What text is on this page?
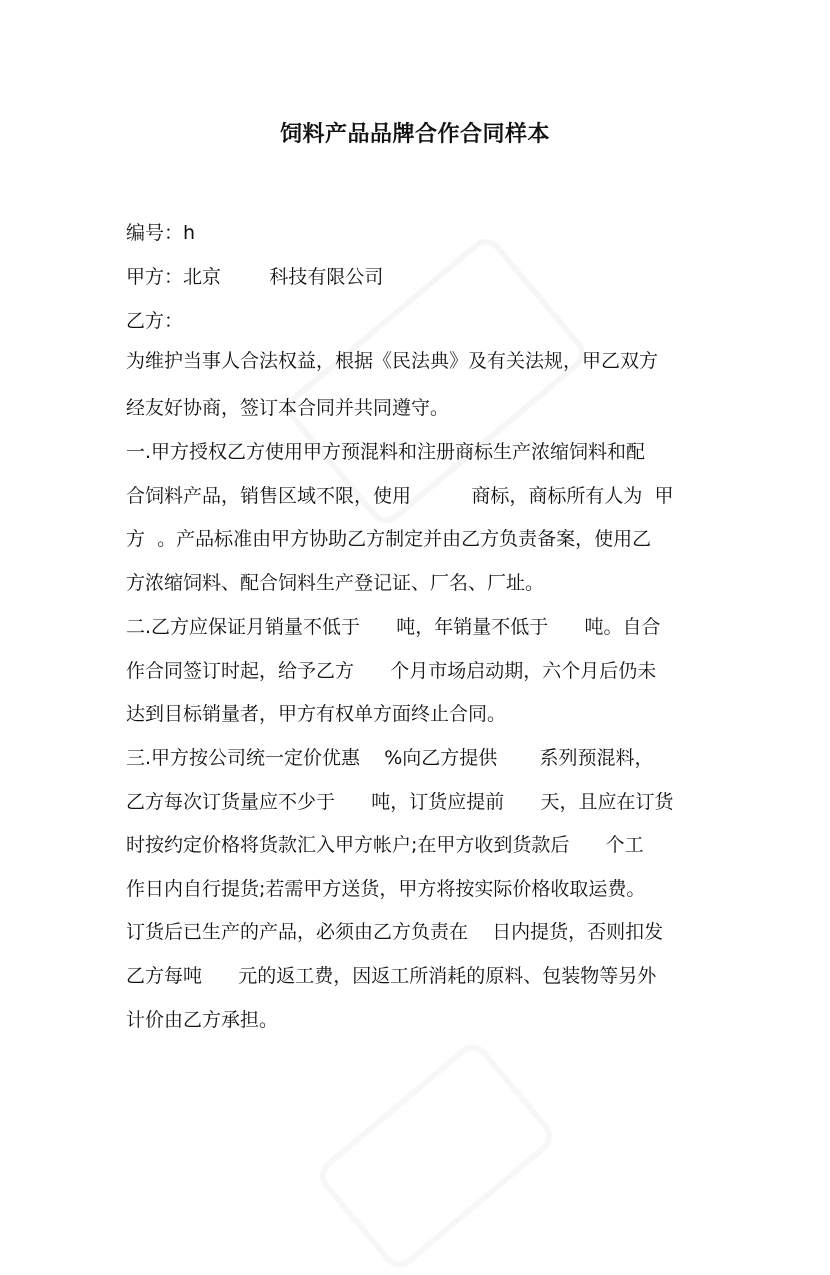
饲料产品品牌合作合同样本
编号：h
甲方：北京        科技有限公司
乙方：
为维护当事人合法权益，根据《民法典》及有关法规，甲乙双方
经友好协商，签订本合同并共同遵守。
一.甲方授权乙方使用甲方预混料和注册商标生产浓缩饲料和配
合饲料产品，销售区域不限，使用          商标，商标所有人为  甲
方  。产品标准由甲方协助乙方制定并由乙方负责备案，使用乙
方浓缩饲料、配合饲料生产登记证、厂名、厂址。
二.乙方应保证月销量不低于      吨，年销量不低于      吨。自合
作合同签订时起，给予乙方      个月市场启动期，六个月后仍未
达到目标销量者，甲方有权单方面终止合同。
三.甲方按公司统一定价优惠    %向乙方提供       系列预混料，
乙方每次订货量应不少于      吨，订货应提前      天，且应在订货
时按约定价格将货款汇入甲方帐户;在甲方收到货款后      个工
作日内自行提货;若需甲方送货，甲方将按实际价格收取运费。
订货后已生产的产品，必须由乙方负责在    日内提货，否则扣发
乙方每吨      元的返工费，因返工所消耗的原料、包装物等另外
计价由乙方承担。
